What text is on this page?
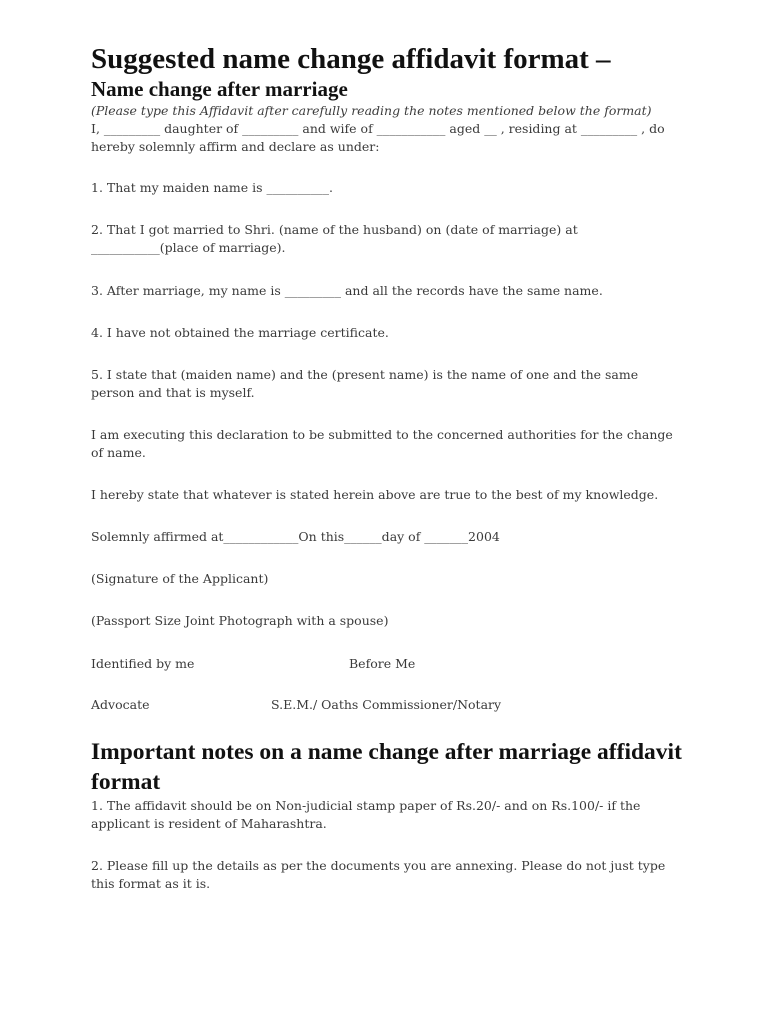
Suggested name change affidavit format –
Name change after marriage
(Please type this Affidavit after carefully reading the notes mentioned below the format)
I, _________ daughter of _________ and wife of ___________ aged __ , residing at _________ , do hereby solemnly affirm and declare as under:
1. That my maiden name is __________.
2. That I got married to Shri. (name of the husband) on (date of marriage) at ___________(place of marriage).
3. After marriage, my name is _________ and all the records have the same name.
4. I have not obtained the marriage certificate.
5. I state that (maiden name) and the (present name) is the name of one and the same person and that is myself.
I am executing this declaration to be submitted to the concerned authorities for the change of name.
I hereby state that whatever is stated herein above are true to the best of my knowledge.
Solemnly affirmed at____________On this______day of _______2004
(Signature of the Applicant)
(Passport Size Joint Photograph with a spouse)
Identified by me	Before Me
Advocate	S.E.M./ Oaths Commissioner/Notary
Important notes on a name change after marriage affidavit format
1. The affidavit should be on Non-judicial stamp paper of Rs.20/- and on Rs.100/- if the applicant is resident of Maharashtra.
2. Please fill up the details as per the documents you are annexing. Please do not just type this format as it is.
